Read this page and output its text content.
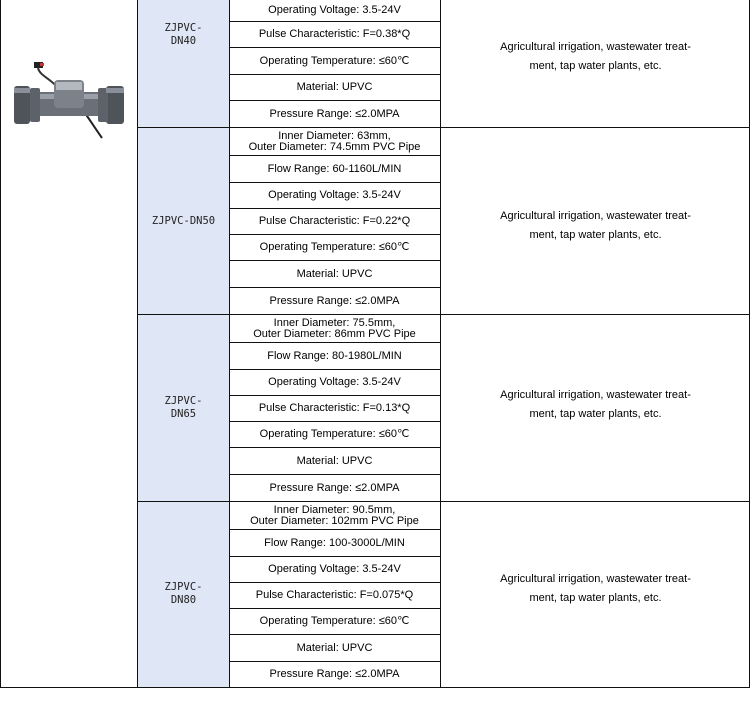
ZJPVC-
DN40
ZJPVC-DN50
ZJPVC-
DN65
ZJPVC-
DN80
Operating Voltage: 3.5-24V
Pulse Characteristic: F=0.38*Q
Operating Temperature: ≤60℃
Material: UPVC
Pressure Range: ≤2.0MPA
Inner Diameter: 63mm,
Outer Diameter: 74.5mm PVC Pipe
Flow Range: 60-1160L/MIN
Operating Voltage: 3.5-24V
Pulse Characteristic: F=0.22*Q
Operating Temperature: ≤60℃
Material: UPVC
Pressure Range: ≤2.0MPA
Inner Diameter: 75.5mm,
Outer Diameter: 86mm PVC Pipe
Flow Range: 80-1980L/MIN
Operating Voltage: 3.5-24V
Pulse Characteristic: F=0.13*Q
Operating Temperature: ≤60℃
Material: UPVC
Pressure Range: ≤2.0MPA
Inner Diameter: 90.5mm,
Outer Diameter: 102mm PVC Pipe
Flow Range: 100-3000L/MIN
Operating Voltage: 3.5-24V
Pulse Characteristic: F=0.075*Q
Operating Temperature: ≤60℃
Material: UPVC
Pressure Range: ≤2.0MPA
Agricultural irrigation, wastewater treat-
ment, tap water plants, etc.
Agricultural irrigation, wastewater treat-
ment, tap water plants, etc.
Agricultural irrigation, wastewater treat-
ment, tap water plants, etc.
Agricultural irrigation, wastewater treat-
ment, tap water plants, etc.
